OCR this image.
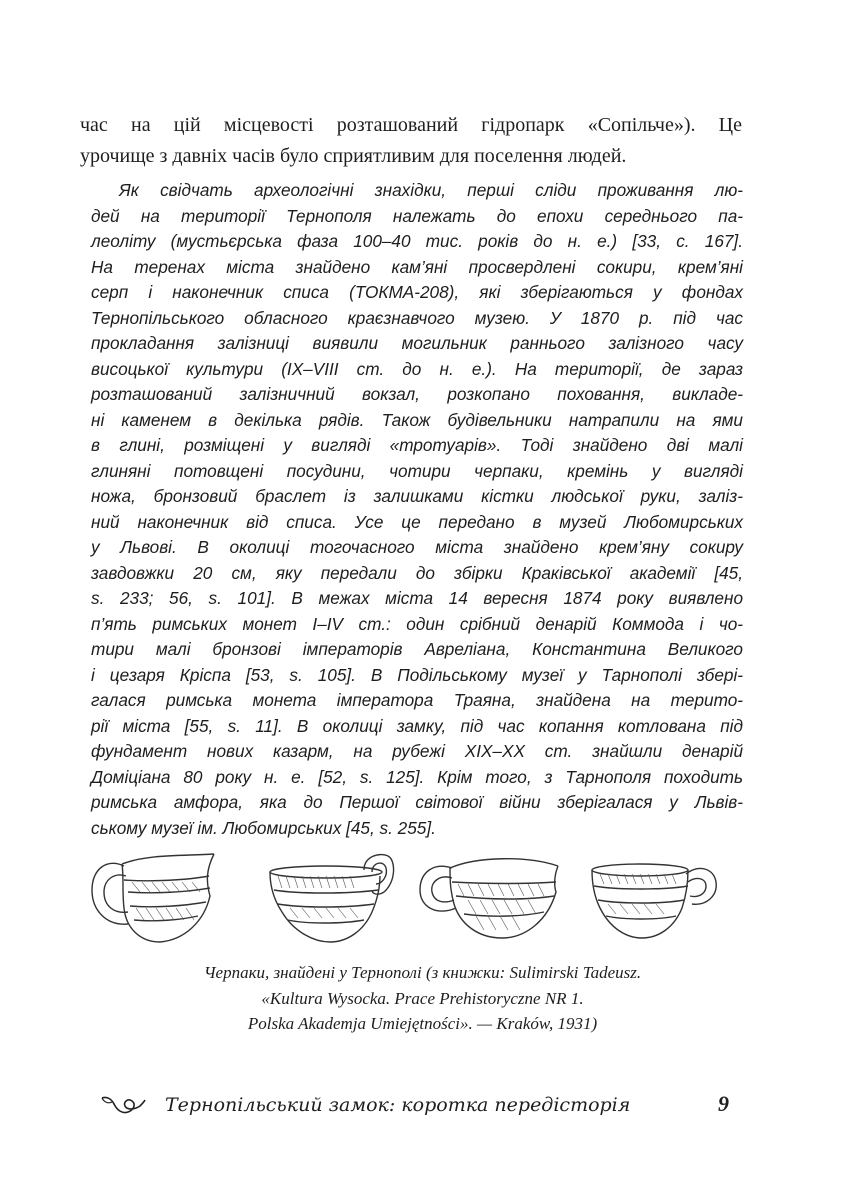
час на цій місцевості розташований гідропарк «Сопільче»). Це
урочище з давніх часів було сприятливим для поселення людей.
Як свідчать археологічні знахідки, перші сліди проживання лю-
дей на території Тернополя належать до епохи середнього па-
леоліту (мустьєрська фаза 100–40 тис. років до н. е.) [33, с. 167].
На теренах міста знайдено кам’яні просвердлені сокири, крем’яні
серп і наконечник списа (ТОКМА-208), які зберігаються у фондах
Тернопільського обласного краєзнавчого музею. У 1870 р. під час
прокладання залізниці виявили могильник раннього залізного часу
висоцької культури (IX–VIII ст. до н. е.). На території, де зараз
розташований залізничний вокзал, розкопано поховання, викладе-
ні каменем в декілька рядів. Також будівельники натрапили на ями
в глині, розміщені у вигляді «тротуарів». Тоді знайдено дві малі
глиняні потовщені посудини, чотири черпаки, кремінь у вигляді
ножа, бронзовий браслет із залишками кістки людської руки, заліз-
ний наконечник від списа. Усе це передано в музей Любомирських
у Львові. В околиці тогочасного міста знайдено крем’яну сокиру
завдовжки 20 см, яку передали до збірки Краківської академії [45,
s. 233; 56, s. 101]. В межах міста 14 вересня 1874 року виявлено
п’ять римських монет I–IV ст.: один срібний денарій Коммода і чо-
тири малі бронзові імператорів Авреліана, Константина Великого
і цезаря Кріспа [53, s. 105]. В Подільському музеї у Тарнополі збері-
галася римська монета імператора Траяна, знайдена на терито-
рії міста [55, s. 11]. В околиці замку, під час копання котлована під
фундамент нових казарм, на рубежі XIX–XX ст. знайшли денарій
Доміціана 80 року н. е. [52, s. 125]. Крім того, з Тарнополя походить
римська амфора, яка до Першої світової війни зберігалася у Львів-
ському музеї ім. Любомирських [45, s. 255].
Черпаки, знайдені у Тернополі (з книжки: Sulimirski Tadeusz.
«Kultura Wysocka. Prace Prehistoryczne NR 1.
Polska Akademja Umiejętności». — Kraków, 1931)
Тернопільський замок: коротка передісторія	9
